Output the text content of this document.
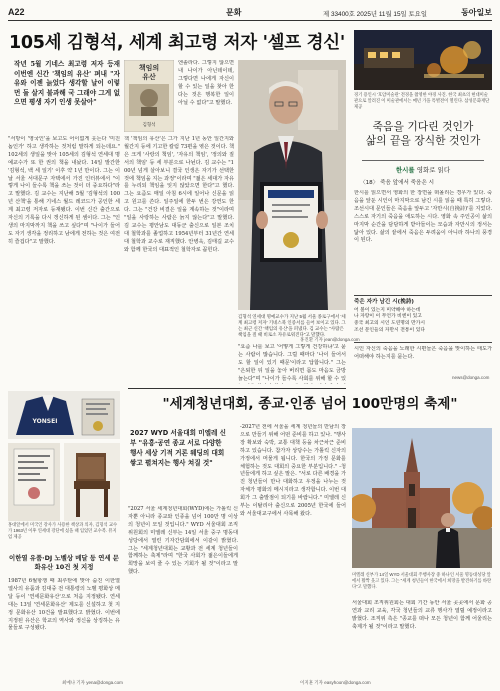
A22	문화	제 33400호 2025년 11월 15일 토요일	동아일보
105세 김형석, 세계 최고령 저자 '셀프 경신'
작년 5월 기네스 최고령 저자 등재 이번엔 신간 '책임의 유산' 펴내 "자유와 이젠 늙었다 생각할 날이 이렇 먼 둘 살지 불과해 국 그래야 그게 없으면 평생 자기 인생 못살아"
책임의
유산
김형석
엔솔라다. 그렇지 않으면 내 나이가 아닌데이데, 그렇다면 나에게 자신이 할 수 있는 일을 찾아 한다는 것은 행복한 일이 아닐 수 없다"고 말했다.
김형석 연세대 명예교수가 지난 5월 서울 종로구에서 '세계 최고령 저자' 기네스북 인증서를 들어 보이고 있다. 그는 최근 신간 '책임의 유산'을 펴냈다. 김 교수는 "사람은 책임을 질 때 비로소 자유로워진다"고 말했다.
홍진환 기자 jean@donga.com
"서방이 '영국인'을 보고도 어이없게 웃는다 '미친 놈인가' 하고 생각하는 것처럼 말하게 되는데요." 102세의 생일을 맞아 105세의 김형석 연세대 명예교수가 또 한 권의 책을 내놨다. 14일 발간한 '김형석, 백 세 일기' 이후 약 1년 만이다. 그는 이날 서울 서대문구 자택에서 가진 인터뷰에서 "이렇게 나이 들수록 책을 쓰는 것이 더 중요하다"라고 말했다. 김 교수는 지난해 5월 '김형석의 100년 산책'을 통해 기네스 월드 레코드가 공인한 세계 최고령 저자로 등재됐다. 이번 신간 출간으로 자신의 기록을 다시 갱신하게 된 셈이다. 그는 "인생의 마지막까지 책을 쓰고 싶다"며 "나이가 들어도 자기 생각을 정리하고 남에게 전하는 것은 여전히 즐겁다"고 말했다.
책 '책임의 유산'은 그가 지난 1년 동안 일간지와 월간지 등에 기고한 칼럼 73편을 엮은 것이다. 책은 크게 '사랑의 책임', '자유의 책임', '정의와 질서의 책임' 등 세 부분으로 나뉜다. 김 교수는 "100년 넘게 살아보니 결국 인생은 자기가 선택한 것에 책임을 지는 과정"이라며 "젊은 세대가 자유를 누리되 책임을 잊지 않았으면 한다"고 했다. 그는 요즘도 매일 아침 6시에 일어나 신문을 읽고 원고를 쓴다. 일주일에 한두 번은 강연도 한다. 그는 "건강 비결은 일을 계속하는 것"이라며 "일을 사랑하는 사람은 늙지 않는다"고 말했다. 김 교수는 평안남도 대동군 출신으로 일본 조치대 철학과를 졸업하고 1954년부터 31년간 연세대 철학과 교수로 재직했다. 안병욱, 김태길 교수와 함께 한국의 대표적인 철학자로 꼽힌다.
"요즘 나를 보고 '어떻게 그렇게 건강하냐'고 묻는 사람이 많습니다. 그럴 때마다 '나이 들어서도 할 일이 있기 때문'이라고 답합니다." 그는 "은퇴한 뒤 일을 놓아 버리면 몸도 마음도 금방 늙는다"며 "나이가 들수록 사회를 위해 할 수 있
경기 용인시 '호암미술관' 전경을 촬영한 야경 사진. 한국 최초의 현대미술관으로 알려진 이 미술관에서는 매년 가을 특별전이 열린다. 삼성문화재단 제공
죽음을 기다린 것인가
삶의 끝을 장식한 것인가
한시를 영화로 읽다
〈18〉 죽음 앞에서 죽음은 시
한시를 읽으면서 영화의 한 장면을 떠올리는 경우가 있다. 죽음을 앞둔 시인이 마지막으로 남긴 시를 읽을 때 특히 그렇다. 조선시대 문인들은 죽음을 앞두고 '자만시(自挽詩)'를 지었다. 스스로 자기의 죽음을 애도하는 시다. 영화 속 주인공이 삶의 마지막 순간을 담담하게 받아들이는 모습과 자만시의 정서는 닮아 있다. 삶의 끝에서 죽음은 두려움이 아니라 하나의 풍경이 된다.
죽은 자가 남긴 시(挽詩)
어 볼이 있는지 미약해야 하는데
나 자랑이 이 무언가 비엔이 있고
중국 최고의 시인 도연명의 만가시
조선 문인들의 자만시 전통이 있다
시인 자신의 죽음을 노래한 시편들은 죽음을 맞이하는 태도가 어떠해야 하는지를 묻는다.
news@donga.com
YONSEI
홍대앞에서 미국인 강사가 사용한 책상과 의자, 김형석 교수가 1963년 이후 연세대 강단에 섰을 때 입었던 교수복. 뮤지엄 제공
이한열 유품·DJ 노벨상 메달 등 연세 문화유산 10건 첫 지정
1987년 6월항쟁 때 최루탄에 맞아 숨진 이한열 열사의 유품과 김대중 전 대통령의 노벨 평화상 메달 등이 '연세문화유산'으로 처음 지정됐다. 연세대는 13일 '연세문화유산' 제도를 신설하고 첫 지정 문화유산 10건을 발표했다고 밝혔다. 이번에 지정된 유산은 학교의 역사와 정신을 상징하는 유물들로 구성됐다.
최예나 기자 yena@donga.com
"세계청년대회, 종교·인종 넘어 100만명의 축제"
2027 WYD 서울대회 미엘레 신부 "유흥·공연 종교 서로 다양한 행사 세상 기적 거론 웨딩의 대회 쌓고 펼쳐지는 행사 쳐질 것"
"2027 서울 세계청년대회(WYD)에는 가톨릭 신자뿐 아니라 종교와 인종을 넘어 100만 명 이상의 청년이 모일 것입니다." WYD 서울대회 조직위원회의 미엘레 신부는 14일 서울 중구 명동대성당에서 열린 기자간담회에서 이같이 밝혔다. 그는 "세계청년대회는 교황과 전 세계 청년들이 함께하는 축제"라며 "한국 사회가 젊은이들에게 희망을 보여 줄 수 있는 기회가 될 것"이라고 말했다.
-2027년 전에 서울을 세계 청년들의 만남의 장으로 만들기 위해 어떤 준비를 하고 있나. "행사장 확보와 숙박, 교통 대책 등을 차근차근 준비하고 있습니다. 참가자 상당수는 가톨릭 신자의 가정에서 머물게 됩니다. 한국의 가정 문화를 체험하는 것도 대회의 중요한 부분입니다." -청년들에게 하고 싶은 말은. "서로 다른 배경을 가진 청년들이 만나 대화하고 우정을 나누는 것 자체가 평화의 메시지라고 생각합니다. 이번 대회가 그 출발점이 되기를 바랍니다." 미엘레 신부는 이탈리아 출신으로 2005년 한국에 들어와 서울대교구에서 사목해 왔다.
미엘레 신부가 14일 WYD 서울대회 주행사장 중 하나인 서울 명동대성당 앞에서 활짝 웃고 있다. 그는 "세계 청년들이 한국에서 희망을 발견하기를 바란다"고 말했다.
서울대회 조직위원회는 대회 기간 동안 서울 곳곳에서 문화 공연과 교리 교육, 각국 청년들의 교류 행사가 열릴 예정이라고 밝혔다. 조직위 측은 "종교를 떠나 모든 청년이 함께 어울리는 축제가 될 것"이라고 말했다.
이지훈 기자 easyhoon@donga.com
